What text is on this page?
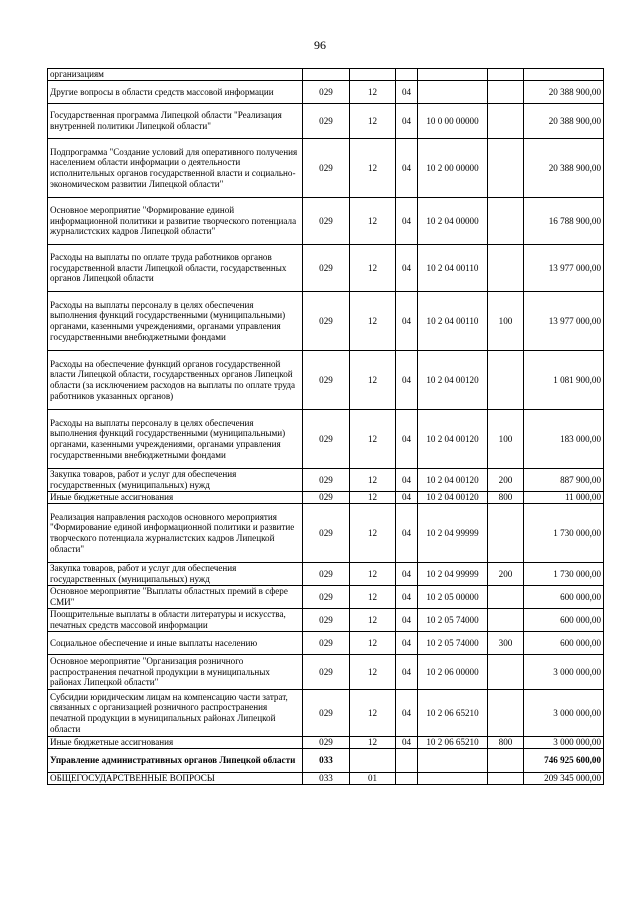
96
организациям						
Другие вопросы в области средств массовой информации	029	12	04			20 388 900,00
Государственная программа Липецкой области "Реализация внутренней политики Липецкой области"	029	12	04	10 0 00 00000		20 388 900,00
Подпрограмма "Создание условий для оперативного получения населением области информации о деятельности исполнительных органов государственной власти и социально-экономическом развитии Липецкой области"	029	12	04	10 2 00 00000		20 388 900,00
Основное мероприятие "Формирование единой информационной политики и развитие творческого потенциала журналистских кадров Липецкой области"	029	12	04	10 2 04 00000		16 788 900,00
Расходы на выплаты по оплате труда работников органов государственной власти Липецкой области, государственных органов Липецкой области	029	12	04	10 2 04 00110		13 977 000,00
Расходы на выплаты персоналу в целях обеспечения выполнения функций государственными (муниципальными) органами, казенными учреждениями, органами управления государственными внебюджетными фондами	029	12	04	10 2 04 00110	100	13 977 000,00
Расходы на обеспечение функций органов государственной власти Липецкой области, государственных органов Липецкой области (за исключением расходов на выплаты по оплате труда работников указанных органов)	029	12	04	10 2 04 00120		1 081 900,00
Расходы на выплаты персоналу в целях обеспечения выполнения функций государственными (муниципальными) органами, казенными учреждениями, органами управления государственными внебюджетными фондами	029	12	04	10 2 04 00120	100	183 000,00
Закупка товаров, работ и услуг для обеспечения государственных (муниципальных) нужд	029	12	04	10 2 04 00120	200	887 900,00
Иные бюджетные ассигнования	029	12	04	10 2 04 00120	800	11 000,00
Реализация направления расходов основного мероприятия "Формирование единой информационной политики и развитие творческого потенциала журналистских кадров Липецкой области"	029	12	04	10 2 04 99999		1 730 000,00
Закупка товаров, работ и услуг для обеспечения государственных (муниципальных) нужд	029	12	04	10 2 04 99999	200	1 730 000,00
Основное мероприятие "Выплаты областных премий в сфере СМИ"	029	12	04	10 2 05 00000		600 000,00
Поощрительные выплаты в области литературы и искусства, печатных средств массовой информации	029	12	04	10 2 05 74000		600 000,00
Социальное обеспечение и иные выплаты населению	029	12	04	10 2 05 74000	300	600 000,00
Основное мероприятие "Организация розничного распространения печатной продукции в муниципальных районах Липецкой области"	029	12	04	10 2 06 00000		3 000 000,00
Субсидии юридическим лицам на компенсацию части затрат, связанных с организацией розничного распространения печатной продукции в муниципальных районах Липецкой области	029	12	04	10 2 06 65210		3 000 000,00
Иные бюджетные ассигнования	029	12	04	10 2 06 65210	800	3 000 000,00
Управление административных органов Липецкой области	033					746 925 600,00
ОБЩЕГОСУДАРСТВЕННЫЕ ВОПРОСЫ	033	01				209 345 000,00
